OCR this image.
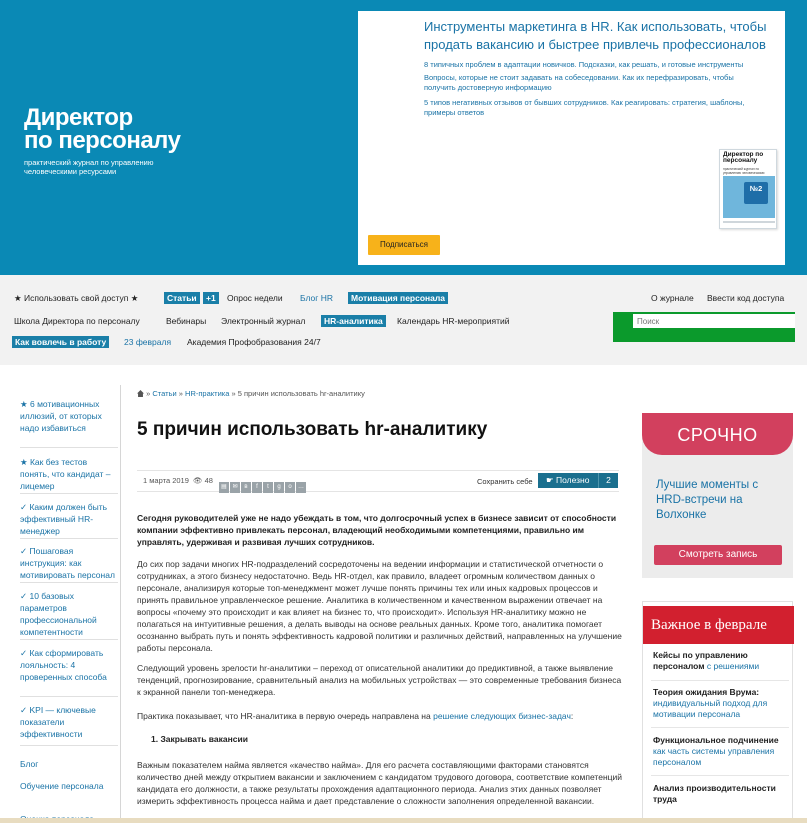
Директор
по персоналу
практический журнал по управлению человеческими ресурсами
Инструменты маркетинга в HR. Как использовать, чтобы продать вакансию и быстрее привлечь профессионалов
8 типичных проблем в адаптации новичков. Подсказки, как решать, и готовые инструменты
Вопросы, которые не стоит задавать на собеседовании. Как их перефразировать, чтобы получить достоверную информацию
5 типов негативных отзывов от бывших сотрудников. Как реагировать: стратегия, шаблоны, примеры ответов
Директор по персоналу
практический журнал по управлению человеческими
№2
Подписаться
★ Использовать свой доступ ★	Статьи	+1	Опрос недели Блог HR	Мотивация персонала	О журнале Ввести код доступа
Школа Директора по персоналу	Вебинары Электронный журнал	HR-аналитика	Календарь HR-мероприятий
Как вовлечь в работу	23 февраля Академия Профобразования 24/7
Поиск
★ 6 мотивационных иллюзий, от которых надо избавиться
★ Как без тестов понять, что кандидат – лицемер
✓ Каким должен быть эффективный HR-менеджер
✓ Пошаговая инструкция: как мотивировать персонал
✓ 10 базовых параметров профессиональной компетентности
✓ Как сформировать лояльность: 4 проверенных способа
✓ KPI — ключевые показатели эффективности
Блог
Обучение персонала
» Статьи » HR-практика » 5 причин использовать hr-аналитику
5 причин использовать hr-аналитику
1 марта 2019 👁 48
▤ ✉ в f t g o …
Сохранить себе ☛ Полезно	2
Сегодня руководителей уже не надо убеждать в том, что долгосрочный успех в бизнесе зависит от способности компании эффективно привлекать персонал, владеющий необходимыми компетенциями, правильно им управлять, удерживая и развивая лучших сотрудников.
До сих пор задачи многих HR-подразделений сосредоточены на ведении информации и статистической отчетности о сотрудниках, а этого бизнесу недостаточно. Ведь HR-отдел, как правило, владеет огромным количеством данных о персонале, анализируя которые топ-менеджмент может лучше понять причины тех или иных кадровых процессов и принять правильное управленческое решение. Аналитика в количественном и качественном выражении отвечает на вопросы «почему это происходит и как влияет на бизнес то, что происходит». Используя HR-аналитику можно не полагаться на интуитивные решения, а делать выводы на основе реальных данных. Кроме того, аналитика помогает осознанно выбрать путь и понять эффективность кадровой политики и различных действий, направленных на улучшение работы персонала.
Следующий уровень зрелости hr-аналитики – переход от описательной аналитики до предиктивной, а также выявление тенденций, прогнозирование, сравнительный анализ на мобильных устройствах — это современные требования бизнеса к экранной панели топ-менеджера.
Практика показывает, что HR-аналитика в первую очередь направлена на решение следующих бизнес-задач:
1. Закрывать вакансии
Важным показателем найма является «качество найма». Для его расчета составляющими факторами становятся количество дней между открытием вакансии и заключением с кандидатом трудового договора, соответствие компетенций кандидата его должности, а также результаты прохождения адаптационного периода. Анализ этих данных позволяет измерить эффективность процесса найма и дает представление о сложности заполнения определенной вакансии.
СРОЧНО
Лучшие моменты с HRD-встречи на Волхонке
Смотреть запись
Важное в феврале
Кейсы по управлению персоналом с решениями
Теория ожидания Врума: индивидуальный подход для мотивации персонала
Функциональное подчинение как часть системы управления персоналом
Анализ производительности труда
